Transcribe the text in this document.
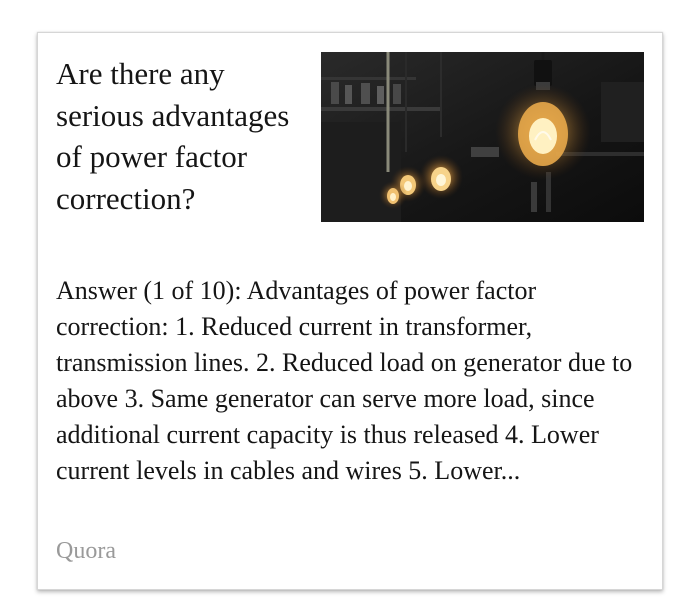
Are there any serious advantages of power factor correction?

Answer (1 of 10): Advantages of power factor correction: 1. Reduced current in transformer, transmission lines. 2. Reduced load on generator due to above 3. Same generator can serve more load, since additional current capacity is thus released 4. Lower current levels in cables and wires 5. Lower...

Quora
